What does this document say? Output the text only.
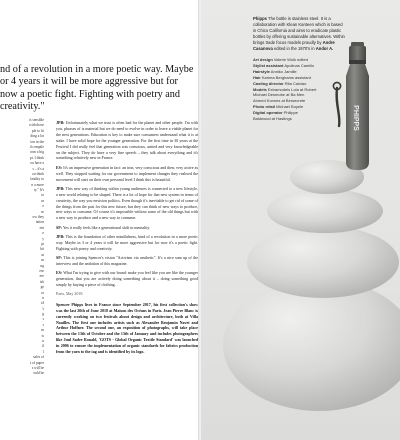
nd of a revolution in a more poetic way. Maybe or 4 years it will be more aggressive but for now a poetic fight. Fighting with poetry and creativity."

is sensible

with those

ple to fit

ding a lot

ion in the

d compile

rom a big

pt. I think

ou have a

s – it's a

ou think

fatality to

n a more

ty." It's

to

ur

e

se

ow they

tation

ent

e

y

pt

bit

ut

m

ng

ese

ere

ish

ge

or

n

id

's

g

s

s

m

ts

n

il

l

sales of

s of paper

s will be

ould be

JPB: Unfortunately what we trust is often bad for the planet and other people. I'm with you, phrases of is material but we do need to evolve in order to leave a viable planet for the next generations. Education is key to make sure consumers understand what it is at stake. I have solid hope for the younger generation. For the first time in 30 years at the Festival I did really feel that generation was conscious, united and very knowledgeable on the subject. They do have a very fine speech – they talk about everything and it's something relatively new in France.
ES: It's an impressive generation in fact: an iron, very conscious and then, very active as well. They stopped waiting for our government to implement changes they realised the movement will start on their own personal level I think this is beautiful.
JPB: This new way of thinking within young audiences is connected to a new lifestyle, a new world relating to be shaped. There is a lot of hope for that new system in terms of creativity, the way you envision politics. Even though it's inevitable to get rid of some of the things from the past for this new future, but they can think of new ways to produce, new ways to consume. Of course it's impossible without some of the old things but with a new way to produce and a new way to consume.
SP: Yes it really feels like a generational shift in mentality.
JPB: This is the foundation of other mindfulness, kind of a revolution in a more poetic way. Maybe in 3 or 4 years it will be more aggressive but for now it's a poetic fight. Fighting with poetry and creativity.
SP: This is joining Spencer's vision "Activism via aesthetic". It's a nice sum up of the interview and the ambition of this magazine.
ES: What I'm trying to give with our brand: make you feel like you are like the younger generation, that you are actively doing something about it – doing something good simply by buying a piece of clothing.
Paris, May 2018.
Spencer Phipps lives in France since September 2017, his first collection's show was the last 20th of June 2018 at Maison des Océans in Paris. Jean Pierre Blanc is currently working on two festivals about design and architecture, both at Villa Noailles. The first one includes artists such as Alexandre Benjamin Navet and Arthur Hoffner. The second one, an exposition of photographs, will take place between the 13th of October and the 13th of January and includes photographers like Juul Sadee Ronald, 'GOTS - Global Organic Textile Standard' was launched in 2006 to ensure the implementation of organic standards for fabrics production from the yarn to the tag and is identified by its logo.
PHIPPS
Phipps The bottle is stainless steel. It is a collaboration with Klean Kanteen which is based in Chico California and aims to eradicate plastic bottles by offering sustainable alternatives. Within brings trade focus models proudly by Andre Casanova edited in the 1970's in Andor A.
Art design Valerie Wolk edited
Stylist assistant Apolinas Camillo
Hairstyle Anniko Jamille
Hair Karima Berghams assistant
Casting director Rita Calviao
Models Extramodels Lola at Robert
Michael Desmobe at Ba Men
Ahmed Konnes at Bersecrete
Photo retail Michael Boyele
Digital operator Philippe
Baldwood at Hastings
